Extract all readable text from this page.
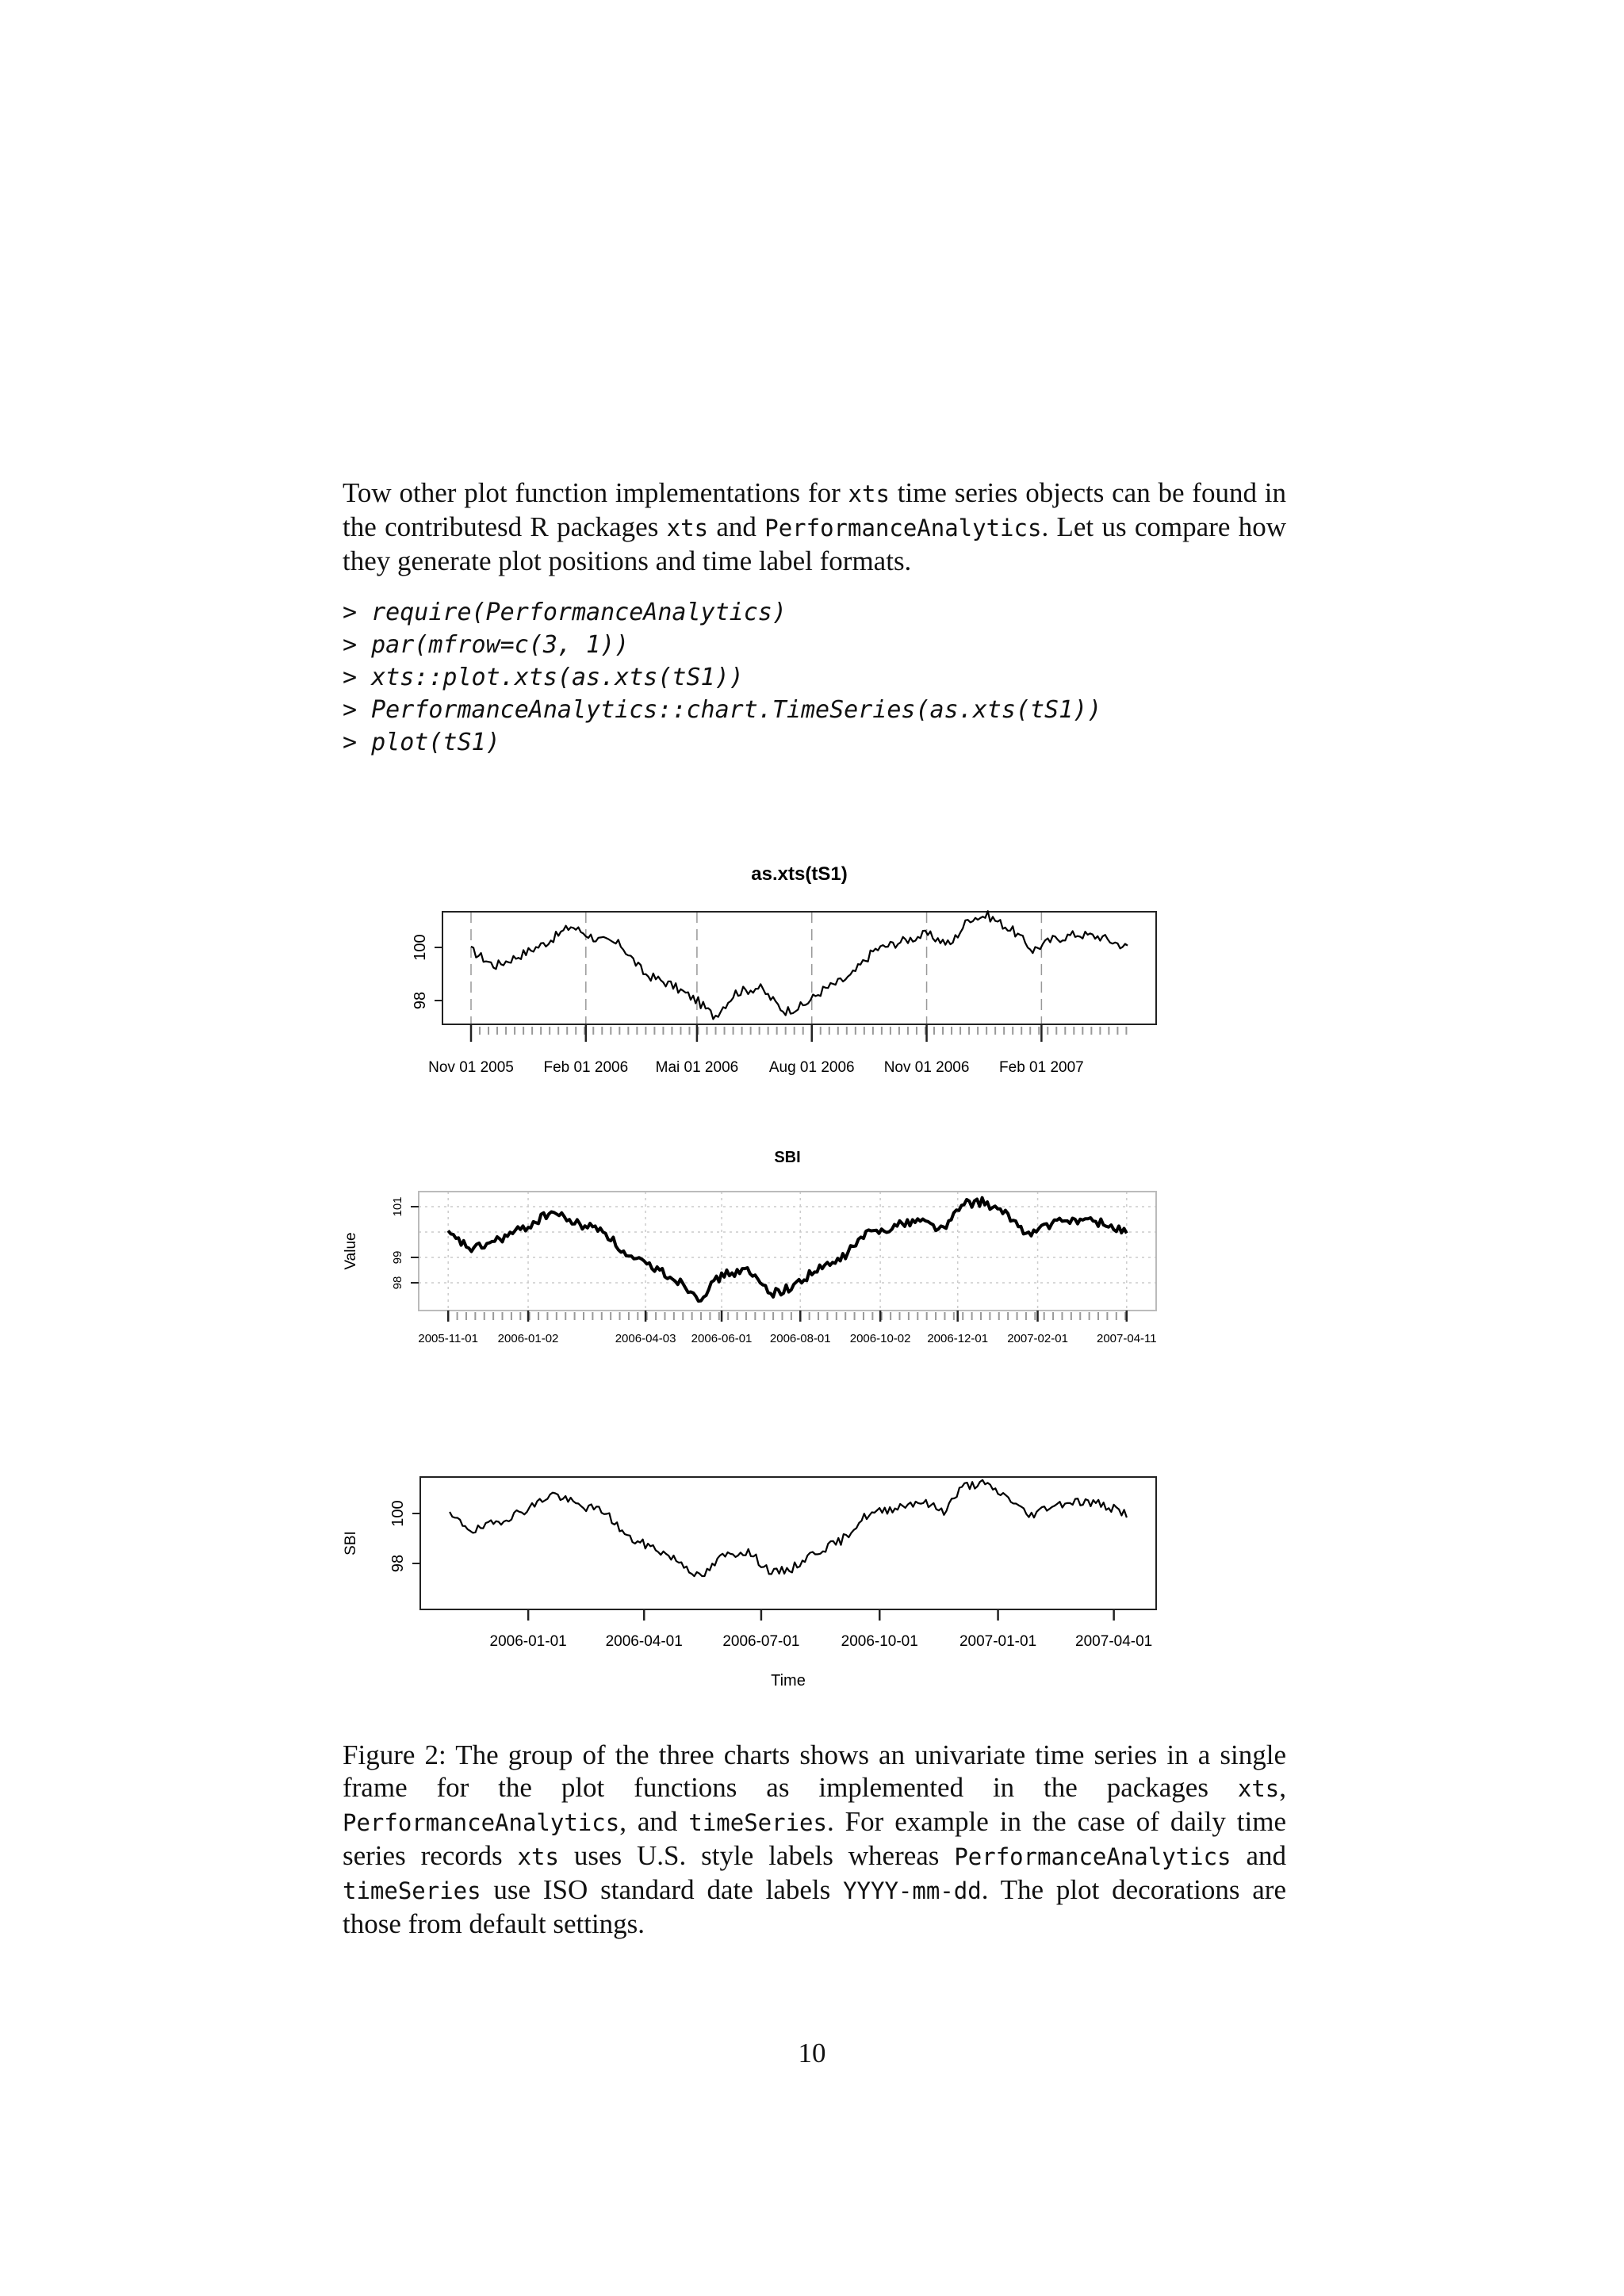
Tow other plot function implementations for xts time series objects can be found in the contributesd R packages xts and PerformanceAnalytics. Let us compare how they generate plot positions and time label formats.

> require(PerformanceAnalytics)
> par(mfrow=c(3, 1))
> xts::plot.xts(as.xts(tS1))
> PerformanceAnalytics::chart.TimeSeries(as.xts(tS1))
> plot(tS1)
as.xts(tS1)
98
100
Nov 01 2005 Feb 01 2006 Mai 01 2006 Aug 01 2006 Nov 01 2006 Feb 01 2007
SBI
98
99
101
2005-11-01 2006-01-02	2006-04-03 2006-06-01 2006-08-01 2006-10-02 2006-12-01 2007-02-01 2007-04-11
Value
98
100
2006-01-01	2006-04-01	2006-07-01	2006-10-01	2007-01-01	2007-04-01
SBI
Time

Figure 2: The group of the three charts shows an univariate time series in a single frame for the plot functions as implemented in the packages xts, PerformanceAnalytics, and timeSeries. For example in the case of daily time series records xts uses U.S. style labels whereas PerformanceAnalytics and timeSeries use ISO standard date labels YYYY-mm-dd. The plot decorations are those from default settings.

10
